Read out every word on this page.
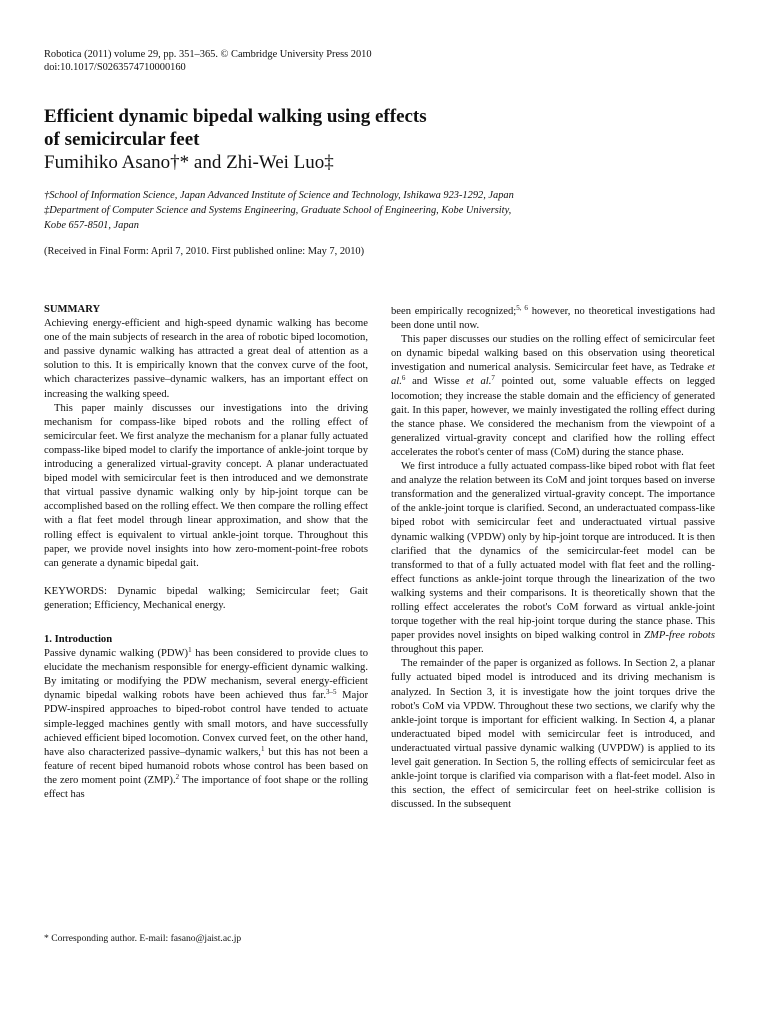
Robotica (2011) volume 29, pp. 351–365. © Cambridge University Press 2010
doi:10.1017/S0263574710000160
Efficient dynamic bipedal walking using effects
of semicircular feet
Fumihiko Asano†* and Zhi-Wei Luo‡
†School of Information Science, Japan Advanced Institute of Science and Technology, Ishikawa 923-1292, Japan
‡Department of Computer Science and Systems Engineering, Graduate School of Engineering, Kobe University,
Kobe 657-8501, Japan
(Received in Final Form: April 7, 2010. First published online: May 7, 2010)
SUMMARY

Achieving energy-efficient and high-speed dynamic walking has become one of the main subjects of research in the area of robotic biped locomotion, and passive dynamic walking has attracted a great deal of attention as a solution to this. It is empirically known that the convex curve of the foot, which characterizes passive–dynamic walkers, has an important effect on increasing the walking speed.

This paper mainly discusses our investigations into the driving mechanism for compass-like biped robots and the rolling effect of semicircular feet. We first analyze the mechanism for a planar fully actuated compass-like biped model to clarify the importance of ankle-joint torque by introducing a generalized virtual-gravity concept. A planar underactuated biped model with semicircular feet is then introduced and we demonstrate that virtual passive dynamic walking only by hip-joint torque can be accomplished based on the rolling effect. We then compare the rolling effect with a flat feet model through linear approximation, and show that the rolling effect is equivalent to virtual ankle-joint torque. Throughout this paper, we provide novel insights into how zero-moment-point-free robots can generate a dynamic bipedal gait.

KEYWORDS: Dynamic bipedal walking; Semicircular feet; Gait generation; Efficiency, Mechanical energy.

1. Introduction

Passive dynamic walking (PDW)$^1$ has been considered to provide clues to elucidate the mechanism responsible for energy-efficient dynamic walking. By imitating or modifying the PDW mechanism, several energy-efficient dynamic bipedal walking robots have been achieved thus far.$^{3-5}$ Major PDW-inspired approaches to biped-robot control have tended to actuate simple-legged machines gently with small motors, and have successfully achieved efficient biped locomotion. Convex curved feet, on the other hand, have also characterized passive–dynamic walkers,$^1$ but this has not been a feature of recent biped humanoid robots whose control has been based on the zero moment point (ZMP).$^2$ The importance of foot shape or the rolling effect has

* Corresponding author. E-mail: fasano@jaist.ac.jp

been empirically recognized;$^{5, 6}$ however, no theoretical investigations had been done until now.

This paper discusses our studies on the rolling effect of semicircular feet on dynamic bipedal walking based on this observation using theoretical investigation and numerical analysis. Semicircular feet have, as Tedrake et al.$^6$ and Wisse et al.$^7$ pointed out, some valuable effects on legged locomotion; they increase the stable domain and the efficiency of generated gait. In this paper, however, we mainly investigated the rolling effect during the stance phase. We considered the mechanism from the viewpoint of a generalized virtual-gravity concept and clarified how the rolling effect accelerates the robot's center of mass (CoM) during the stance phase.

We first introduce a fully actuated compass-like biped robot with flat feet and analyze the relation between its CoM and joint torques based on inverse transformation and the generalized virtual-gravity concept. The importance of the ankle-joint torque is clarified. Second, an underactuated compass-like biped robot with semicircular feet and underactuated virtual passive dynamic walking (VPDW) only by hip-joint torque are introduced. It is then clarified that the dynamics of the semicircular-feet model can be transformed to that of a fully actuated model with flat feet and the rolling-effect functions as ankle-joint torque through the linearization of the two walking systems and their comparisons. It is theoretically shown that the rolling effect accelerates the robot's CoM forward as virtual ankle-joint torque together with the real hip-joint torque during the stance phase. This paper provides novel insights on biped walking control in ZMP-free robots throughout this paper.

The remainder of the paper is organized as follows. In Section 2, a planar fully actuated biped model is introduced and its driving mechanism is analyzed. In Section 3, it is investigate how the joint torques drive the robot's CoM via VPDW. Throughout these two sections, we clarify why the ankle-joint torque is important for efficient walking. In Section 4, a planar underactuated biped model with semicircular feet is introduced, and underactuated virtual passive dynamic walking (UVPDW) is applied to its level gait generation. In Section 5, the rolling effects of semicircular feet as ankle-joint torque is clarified via comparison with a flat-feet model. Also in this section, the effect of semicircular feet on heel-strike collision is discussed. In the subsequent
